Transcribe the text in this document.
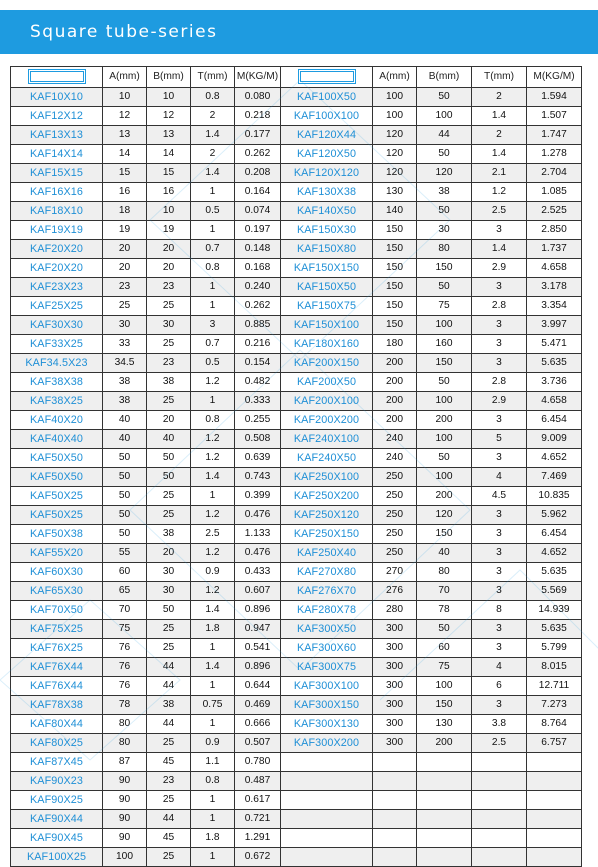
Square tube-series
	A(mm)	B(mm)	T(mm)	M(KG/M)		A(mm)	B(mm)	T(mm)	M(KG/M)
KAF10X10	10	10	0.8	0.080	KAF100X50	100	50	2	1.594
KAF12X12	12	12	2	0.218	KAF100X100	100	100	1.4	1.507
KAF13X13	13	13	1.4	0.177	KAF120X44	120	44	2	1.747
KAF14X14	14	14	2	0.262	KAF120X50	120	50	1.4	1.278
KAF15X15	15	15	1.4	0.208	KAF120X120	120	120	2.1	2.704
KAF16X16	16	16	1	0.164	KAF130X38	130	38	1.2	1.085
KAF18X10	18	10	0.5	0.074	KAF140X50	140	50	2.5	2.525
KAF19X19	19	19	1	0.197	KAF150X30	150	30	3	2.850
KAF20X20	20	20	0.7	0.148	KAF150X80	150	80	1.4	1.737
KAF20X20	20	20	0.8	0.168	KAF150X150	150	150	2.9	4.658
KAF23X23	23	23	1	0.240	KAF150X50	150	50	3	3.178
KAF25X25	25	25	1	0.262	KAF150X75	150	75	2.8	3.354
KAF30X30	30	30	3	0.885	KAF150X100	150	100	3	3.997
KAF33X25	33	25	0.7	0.216	KAF180X160	180	160	3	5.471
KAF34.5X23	34.5	23	0.5	0.154	KAF200X150	200	150	3	5.635
KAF38X38	38	38	1.2	0.482	KAF200X50	200	50	2.8	3.736
KAF38X25	38	25	1	0.333	KAF200X100	200	100	2.9	4.658
KAF40X20	40	20	0.8	0.255	KAF200X200	200	200	3	6.454
KAF40X40	40	40	1.2	0.508	KAF240X100	240	100	5	9.009
KAF50X50	50	50	1.2	0.639	KAF240X50	240	50	3	4.652
KAF50X50	50	50	1.4	0.743	KAF250X100	250	100	4	7.469
KAF50X25	50	25	1	0.399	KAF250X200	250	200	4.5	10.835
KAF50X25	50	25	1.2	0.476	KAF250X120	250	120	3	5.962
KAF50X38	50	38	2.5	1.133	KAF250X150	250	150	3	6.454
KAF55X20	55	20	1.2	0.476	KAF250X40	250	40	3	4.652
KAF60X30	60	30	0.9	0.433	KAF270X80	270	80	3	5.635
KAF65X30	65	30	1.2	0.607	KAF276X70	276	70	3	5.569
KAF70X50	70	50	1.4	0.896	KAF280X78	280	78	8	14.939
KAF75X25	75	25	1.8	0.947	KAF300X50	300	50	3	5.635
KAF76X25	76	25	1	0.541	KAF300X60	300	60	3	5.799
KAF76X44	76	44	1.4	0.896	KAF300X75	300	75	4	8.015
KAF76X44	76	44	1	0.644	KAF300X100	300	100	6	12.711
KAF78X38	78	38	0.75	0.469	KAF300X150	300	150	3	7.273
KAF80X44	80	44	1	0.666	KAF300X130	300	130	3.8	8.764
KAF80X25	80	25	0.9	0.507	KAF300X200	300	200	2.5	6.757
KAF87X45	87	45	1.1	0.780					
KAF90X23	90	23	0.8	0.487					
KAF90X25	90	25	1	0.617					
KAF90X44	90	44	1	0.721					
KAF90X45	90	45	1.8	1.291					
KAF100X25	100	25	1	0.672					
